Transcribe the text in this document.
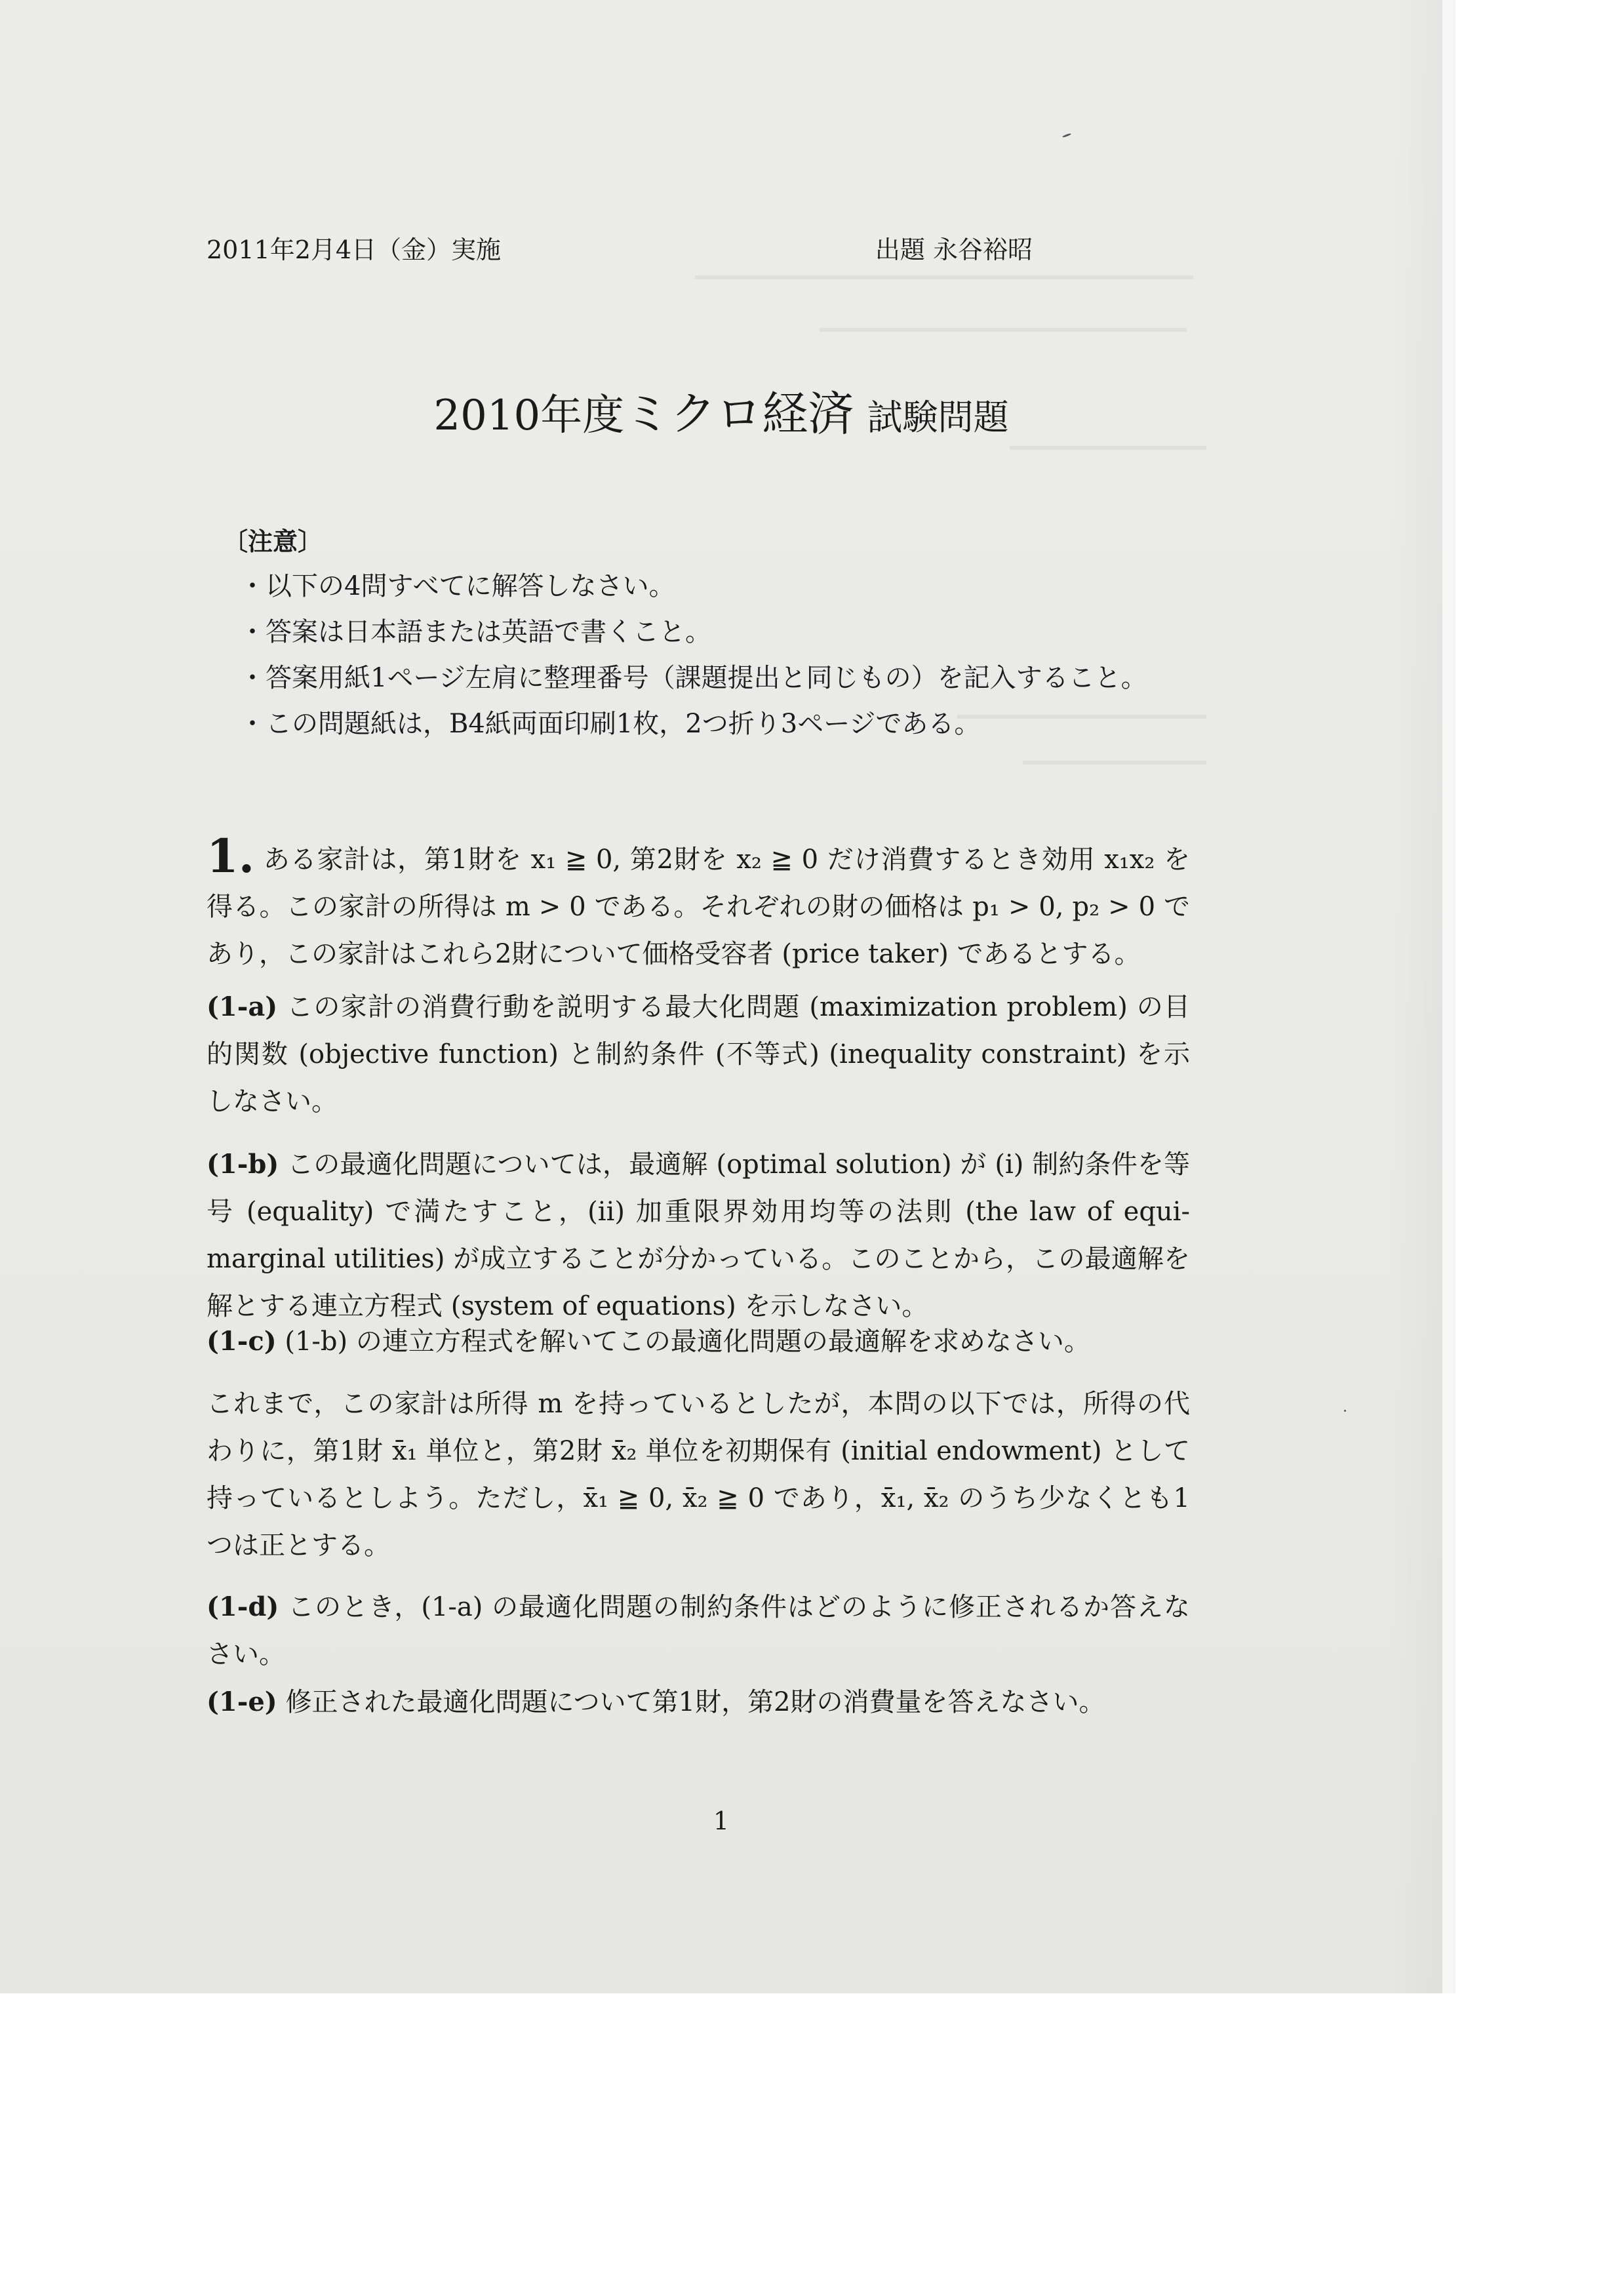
2011年2月4日（金）実施	出題 永谷裕昭
2010年度ミクロ経済 試験問題
〔注意〕
・以下の4問すべてに解答しなさい。
・答案は日本語または英語で書くこと。
・答案用紙1ページ左肩に整理番号（課題提出と同じもの）を記入すること。
・この問題紙は，B4紙両面印刷1枚，2つ折り3ページである。
1. ある家計は，第1財を x₁ ≧ 0, 第2財を x₂ ≧ 0 だけ消費するとき効用 x₁x₂ を得る。この家計の所得は m > 0 である。それぞれの財の価格は p₁ > 0, p₂ > 0 であり，この家計はこれら2財について価格受容者 (price taker) であるとする。
(1-a) この家計の消費行動を説明する最大化問題 (maximization problem) の目的関数 (objective function) と制約条件 (不等式) (inequality constraint) を示しなさい。
(1-b) この最適化問題については，最適解 (optimal solution) が (i) 制約条件を等号 (equality) で満たすこと，(ii) 加重限界効用均等の法則 (the law of equi-marginal utilities) が成立することが分かっている。このことから，この最適解を解とする連立方程式 (system of equations) を示しなさい。
(1-c) (1-b) の連立方程式を解いてこの最適化問題の最適解を求めなさい。
これまで，この家計は所得 m を持っているとしたが，本問の以下では，所得の代わりに，第1財 x̄₁ 単位と，第2財 x̄₂ 単位を初期保有 (initial endowment) として持っているとしよう。ただし，x̄₁ ≧ 0, x̄₂ ≧ 0 であり，x̄₁, x̄₂ のうち少なくとも1つは正とする。
(1-d) このとき，(1-a) の最適化問題の制約条件はどのように修正されるか答えなさい。
(1-e) 修正された最適化問題について第1財，第2財の消費量を答えなさい。
1
